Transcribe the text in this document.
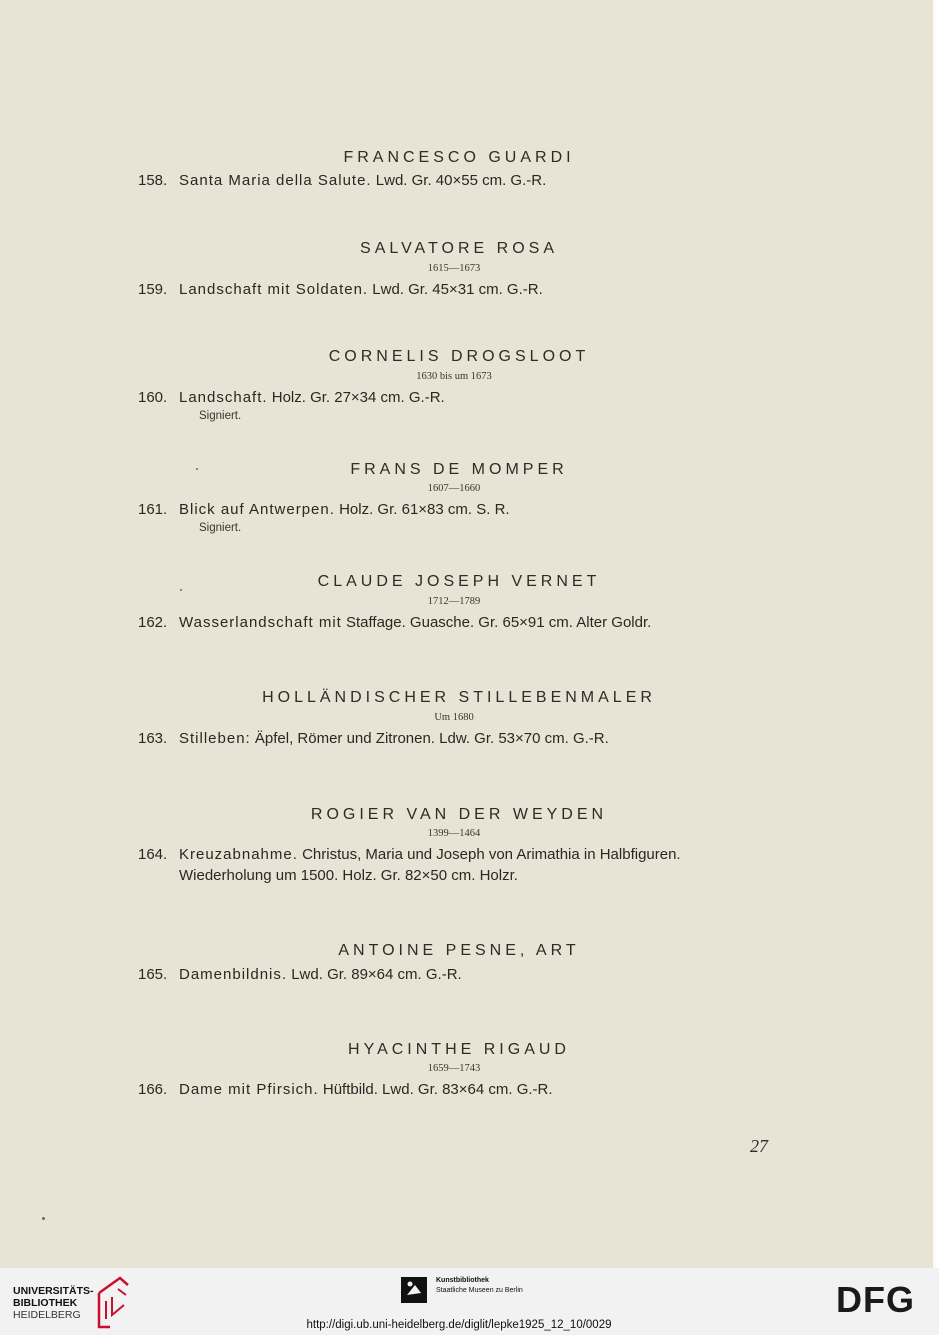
FRANCESCO GUARDI
158. Santa Maria della Salute. Lwd. Gr. 40×55 cm. G.-R.
SALVATORE ROSA
1615—1673
159. Landschaft mit Soldaten. Lwd. Gr. 45×31 cm. G.-R.
CORNELIS DROGSLOOT
1630 bis um 1673
160. Landschaft. Holz. Gr. 27×34 cm. G.-R.
Signiert.
FRANS DE MOMPER
1607—1660
161. Blick auf Antwerpen. Holz. Gr. 61×83 cm. S. R.
Signiert.
CLAUDE JOSEPH VERNET
1712—1789
162. Wasserlandschaft mit Staffage. Guasche. Gr. 65×91 cm. Alter Goldr.
HOLLÄNDISCHER STILLEBENMALER
Um 1680
163. Stilleben: Äpfel, Römer und Zitronen. Ldw. Gr. 53×70 cm. G.-R.
ROGIER VAN DER WEYDEN
1399—1464
164. Kreuzabnahme. Christus, Maria und Joseph von Arimathia in Halbfiguren.
Wiederholung um 1500. Holz. Gr. 82×50 cm. Holzr.
ANTOINE PESNE, ART
165. Damenbildnis. Lwd. Gr. 89×64 cm. G.-R.
HYACINTHE RIGAUD
1659—1743
166. Dame mit Pfirsich. Hüftbild. Lwd. Gr. 83×64 cm. G.-R.
27
UNIVERSITÄTS-
BIBLIOTHEK
HEIDELBERG
Kunstbibliothek
Staatliche Museen zu Berlin	DFG
http://digi.ub.uni-heidelberg.de/diglit/lepke1925_12_10/0029
